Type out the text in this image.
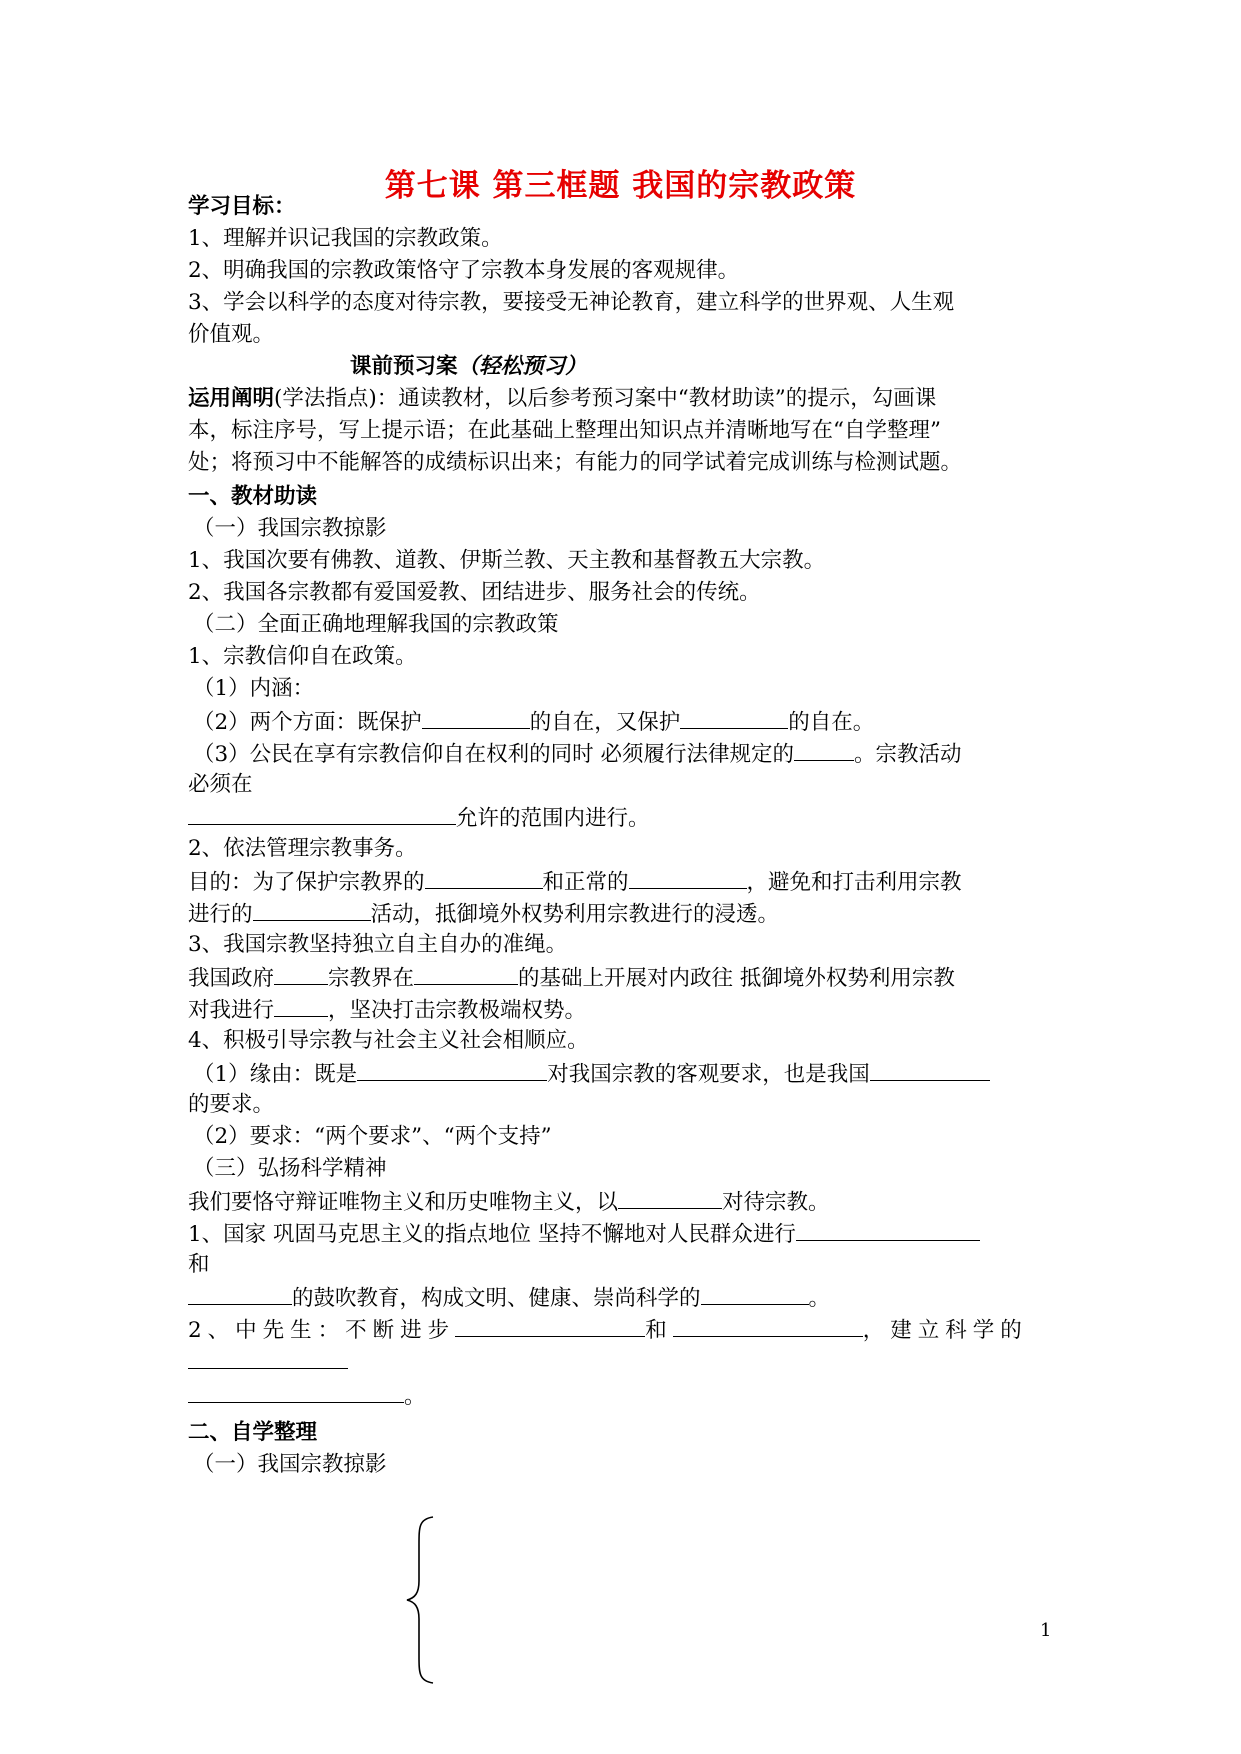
第七课 第三框题 我国的宗教政策
学习目标：
1、理解并识记我国的宗教政策。
2、明确我国的宗教政策恪守了宗教本身发展的客观规律。
3、学会以科学的态度对待宗教，要接受无神论教育，建立科学的世界观、人生观
价值观。
课前预习案（轻松预习）
运用阐明(学法指点)：通读教材，以后参考预习案中“教材助读”的提示，勾画课
本，标注序号，写上提示语；在此基础上整理出知识点并清晰地写在“自学整理”
处；将预习中不能解答的成绩标识出来；有能力的同学试着完成训练与检测试题。
一、教材助读
（一）我国宗教掠影
1、我国次要有佛教、道教、伊斯兰教、天主教和基督教五大宗教。
2、我国各宗教都有爱国爱教、团结进步、服务社会的传统。
（二）全面正确地理解我国的宗教政策
1、宗教信仰自在政策。
（1）内涵：
（2）两个方面：既保护	的自在，又保护	的自在。
（3）公民在享有宗教信仰自在权利的同时 必须履行法律规定的	。宗教活动
必须在
允许的范围内进行。
2、依法管理宗教事务。
目的：为了保护宗教界的	和正常的	，避免和打击利用宗教
进行的	活动，抵御境外权势利用宗教进行的浸透。
3、我国宗教坚持独立自主自办的准绳。
我国政府	宗教界在	的基础上开展对内政往 抵御境外权势利用宗教
对我进行	，坚决打击宗教极端权势。
4、积极引导宗教与社会主义社会相顺应。
（1）缘由：既是	对我国宗教的客观要求，也是我国
的要求。
（2）要求：“两个要求”、“两个支持”
（三）弘扬科学精神
我们要恪守辩证唯物主义和历史唯物主义，以	对待宗教。
1、国家 巩固马克思主义的指点地位 坚持不懈地对人民群众进行
和
的鼓吹教育，构成文明、健康、崇尚科学的	。
2、中先生：不断进步	和	，建立科学的
。
二、自学整理
（一）我国宗教掠影
1
